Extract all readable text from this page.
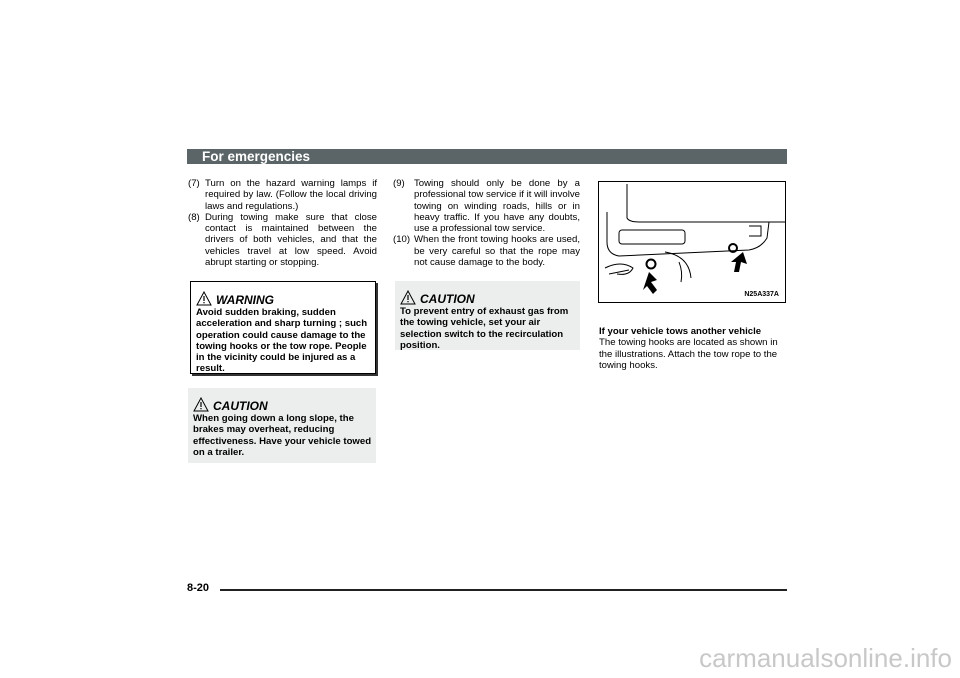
For emergencies
(7) Turn on the hazard warning lamps if required by law. (Follow the local driving laws and regulations.)
(8) During towing make sure that close contact is maintained between the drivers of both vehicles, and that the vehicles travel at low speed. Avoid abrupt starting or stopping.
WARNING
Avoid sudden braking, sudden acceleration and sharp turning ; such operation could cause damage to the towing hooks or the tow rope. People in the vicinity could be injured as a result.
CAUTION
When going down a long slope, the brakes may overheat, reducing effectiveness. Have your vehicle towed on a trailer.
(9) Towing should only be done by a professional tow service if it will involve towing on winding roads, hills or in heavy traffic. If you have any doubts, use a professional tow service.
(10) When the front towing hooks are used, be very careful so that the rope may not cause damage to the body.
CAUTION
To prevent entry of exhaust gas from the towing vehicle, set your air selection switch to the recirculation position.
N25A337A
If your vehicle tows another vehicle
The towing hooks are located as shown in the illustrations. Attach the tow rope to the towing hooks.
8-20
carmanualsonline.info
